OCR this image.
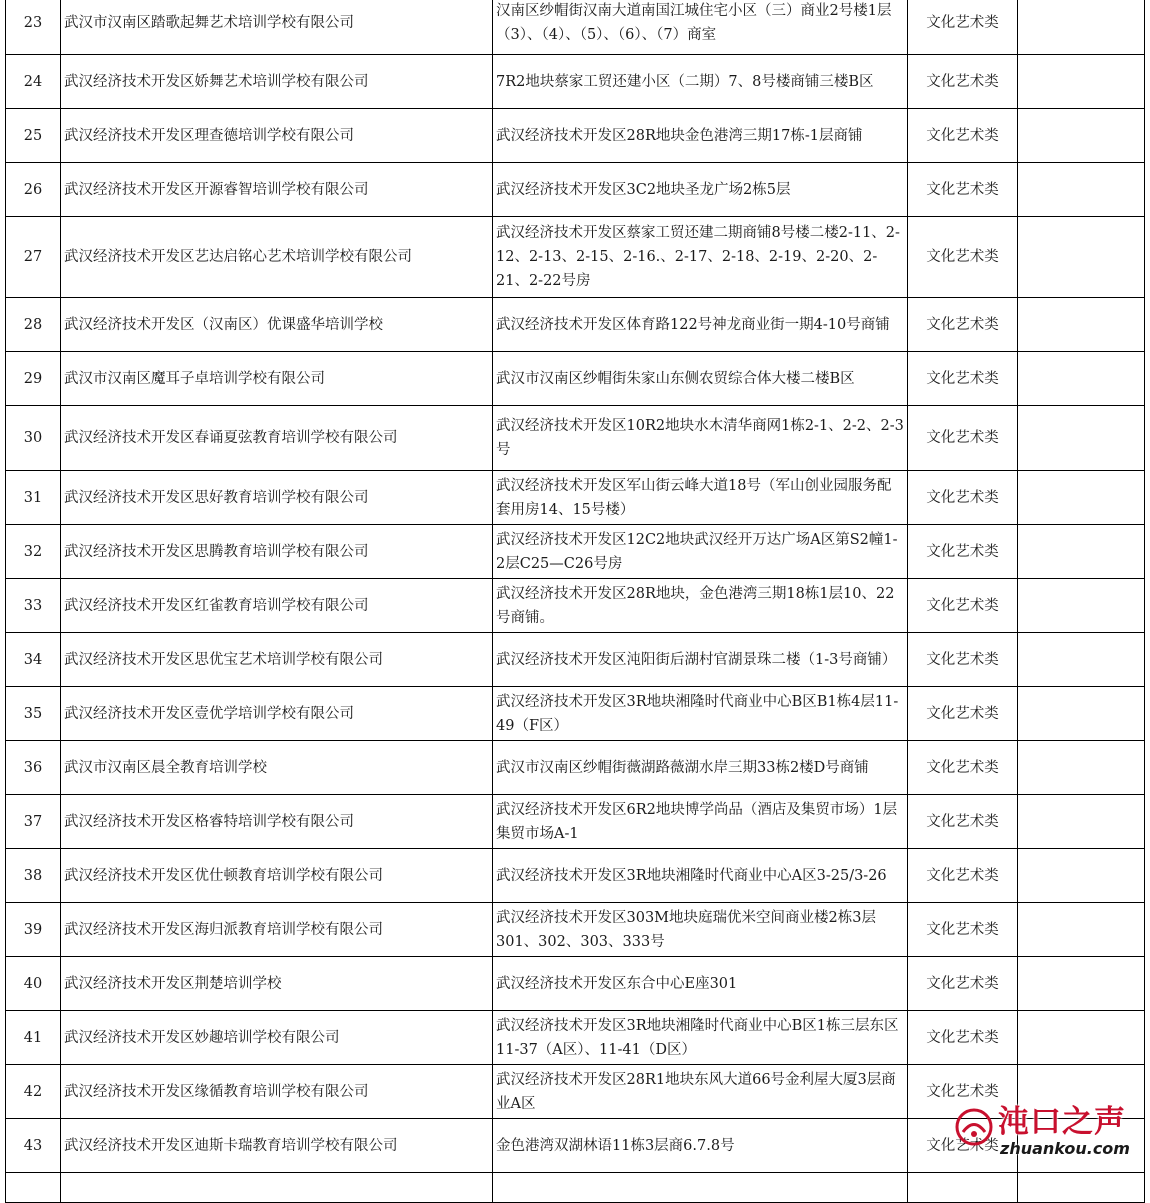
23	武汉市汉南区踏歌起舞艺术培训学校有限公司	汉南区纱帽街汉南大道南国江城住宅小区（三）商业2号楼1层（3）、（4）、（5）、（6）、（7）商室	文化艺术类	
24	武汉经济技术开发区娇舞艺术培训学校有限公司	7R2地块蔡家工贸还建小区（二期）7、8号楼商铺三楼B区	文化艺术类	
25	武汉经济技术开发区理查德培训学校有限公司	武汉经济技术开发区28R地块金色港湾三期17栋-1层商铺	文化艺术类	
26	武汉经济技术开发区开源睿智培训学校有限公司	武汉经济技术开发区3C2地块圣龙广场2栋5层	文化艺术类	
27	武汉经济技术开发区艺达启铭心艺术培训学校有限公司	武汉经济技术开发区蔡家工贸还建二期商铺8号楼二楼2-11、2-12、2-13、2-15、2-16.、2-17、2-18、2-19、2-20、2-21、2-22号房	文化艺术类	
28	武汉经济技术开发区（汉南区）优课盛华培训学校	武汉经济技术开发区体育路122号神龙商业街一期4-10号商铺	文化艺术类	
29	武汉市汉南区魔耳子卓培训学校有限公司	武汉市汉南区纱帽街朱家山东侧农贸综合体大楼二楼B区	文化艺术类	
30	武汉经济技术开发区春诵夏弦教育培训学校有限公司	武汉经济技术开发区10R2地块水木清华商网1栋2-1、2-2、2-3号	文化艺术类	
31	武汉经济技术开发区思好教育培训学校有限公司	武汉经济技术开发区军山街云峰大道18号（军山创业园服务配套用房14、15号楼）	文化艺术类	
32	武汉经济技术开发区思腾教育培训学校有限公司	武汉经济技术开发区12C2地块武汉经开万达广场A区第S2幢1-2层C25—C26号房	文化艺术类	
33	武汉经济技术开发区红雀教育培训学校有限公司	武汉经济技术开发区28R地块，金色港湾三期18栋1层10、22号商铺。	文化艺术类	
34	武汉经济技术开发区思优宝艺术培训学校有限公司	武汉经济技术开发区沌阳街后湖村官湖景珠二楼（1-3号商铺）	文化艺术类	
35	武汉经济技术开发区壹优学培训学校有限公司	武汉经济技术开发区3R地块湘隆时代商业中心B区B1栋4层11-49（F区）	文化艺术类	
36	武汉市汉南区晨全教育培训学校	武汉市汉南区纱帽街薇湖路薇湖水岸三期33栋2楼D号商铺	文化艺术类	
37	武汉经济技术开发区格睿特培训学校有限公司	武汉经济技术开发区6R2地块博学尚品（酒店及集贸市场）1层集贸市场A-1	文化艺术类	
38	武汉经济技术开发区优仕顿教育培训学校有限公司	武汉经济技术开发区3R地块湘隆时代商业中心A区3-25/3-26	文化艺术类	
39	武汉经济技术开发区海归派教育培训学校有限公司	武汉经济技术开发区303M地块庭瑞优米空间商业楼2栋3层301、302、303、333号	文化艺术类	
40	武汉经济技术开发区荆楚培训学校	武汉经济技术开发区东合中心E座301	文化艺术类	
41	武汉经济技术开发区妙趣培训学校有限公司	武汉经济技术开发区3R地块湘隆时代商业中心B区1栋三层东区11-37（A区）、11-41（D区）	文化艺术类	
42	武汉经济技术开发区缘循教育培训学校有限公司	武汉经济技术开发区28R1地块东风大道66号金利屋大厦3层商业A区	文化艺术类	
43	武汉经济技术开发区迪斯卡瑞教育培训学校有限公司	金色港湾双湖林语11栋3层商6.7.8号	文化艺术类	

沌口之声
zhuankou.com
